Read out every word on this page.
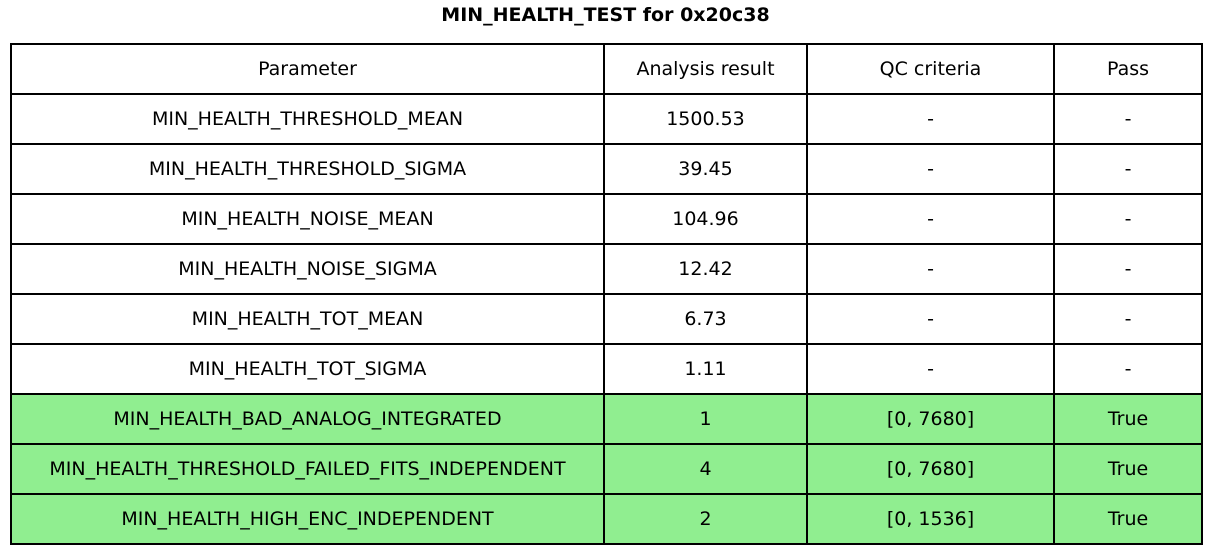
MIN_HEALTH_TEST for 0x20c38
Parameter	Analysis result	QC criteria	Pass
MIN_HEALTH_THRESHOLD_MEAN	1500.53	-	-
MIN_HEALTH_THRESHOLD_SIGMA	39.45	-	-
MIN_HEALTH_NOISE_MEAN	104.96	-	-
MIN_HEALTH_NOISE_SIGMA	12.42	-	-
MIN_HEALTH_TOT_MEAN	6.73	-	-
MIN_HEALTH_TOT_SIGMA	1.11	-	-
MIN_HEALTH_BAD_ANALOG_INTEGRATED	1	[0, 7680]	True
MIN_HEALTH_THRESHOLD_FAILED_FITS_INDEPENDENT	4	[0, 7680]	True
MIN_HEALTH_HIGH_ENC_INDEPENDENT	2	[0, 1536]	True
